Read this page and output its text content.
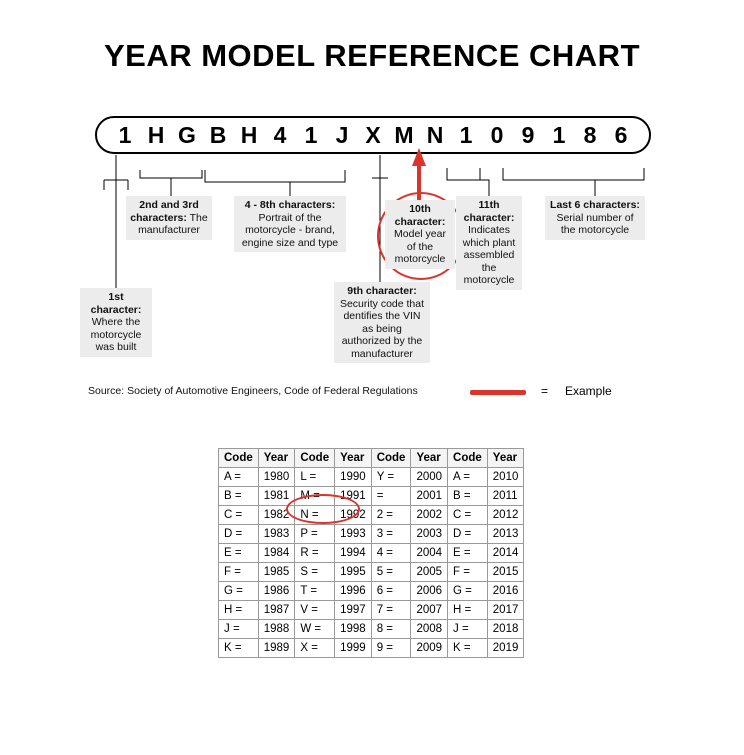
YEAR MODEL REFERENCE CHART
1 H G B H 4 1 J X M N 1 0 9 1 8 6
1st character: Where the motorcycle was built
2nd and 3rd characters: The manufacturer
4 - 8th characters: Portrait of the motorcycle - brand, engine size and type
9th character: Security code that dentifies the VIN as being authorized by the manufacturer
10th character: Model year of the motorcycle
11th character: Indicates which plant assembled the motorcycle
Last 6 characters: Serial number of the motorcycle
Source: Society of Automotive Engineers, Code of Federal Regulations	= Example
Code	Year	Code	Year	Code	Year	Code	Year
A =	1980	L =	1990	Y =	2000	A =	2010
B =	1981	M =	1991	=	2001	B =	2011
C =	1982	N =	1992	2 =	2002	C =	2012
D =	1983	P =	1993	3 =	2003	D =	2013
E =	1984	R =	1994	4 =	2004	E =	2014
F =	1985	S =	1995	5 =	2005	F =	2015
G =	1986	T =	1996	6 =	2006	G =	2016
H =	1987	V =	1997	7 =	2007	H =	2017
J =	1988	W =	1998	8 =	2008	J =	2018
K =	1989	X =	1999	9 =	2009	K =	2019
